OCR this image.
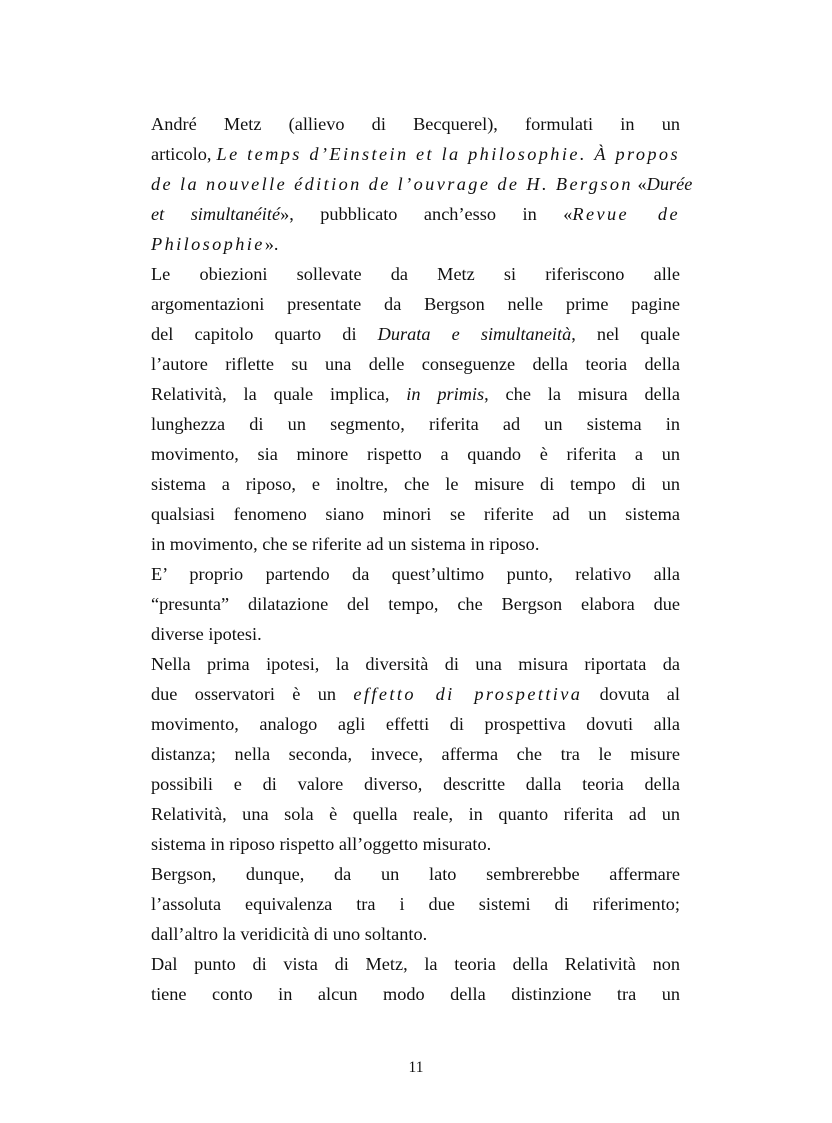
André Metz (allievo di Becquerel), formulati in un
articolo, Le temps d’Einstein et la philosophie. À propos
de la nouvelle édition de l’ouvrage de H. Bergson «Durée
et simultanéité», pubblicato anch’esso in «Revue de
Philosophie».
Le obiezioni sollevate da Metz si riferiscono alle
argomentazioni presentate da Bergson nelle prime pagine
del capitolo quarto di Durata e simultaneità, nel quale
l’autore riflette su una delle conseguenze della teoria della
Relatività, la quale implica, in primis, che la misura della
lunghezza di un segmento, riferita ad un sistema in
movimento, sia minore rispetto a quando è riferita a un
sistema a riposo, e inoltre, che le misure di tempo di un
qualsiasi fenomeno siano minori se riferite ad un sistema
in movimento, che se riferite ad un sistema in riposo.
E’ proprio partendo da quest’ultimo punto, relativo alla
“presunta” dilatazione del tempo, che Bergson elabora due
diverse ipotesi.
Nella prima ipotesi, la diversità di una misura riportata da
due osservatori è un effetto di prospettiva dovuta al
movimento, analogo agli effetti di prospettiva dovuti alla
distanza; nella seconda, invece, afferma che tra le misure
possibili e di valore diverso, descritte dalla teoria della
Relatività, una sola è quella reale, in quanto riferita ad un
sistema in riposo rispetto all’oggetto misurato.
Bergson, dunque, da un lato sembrerebbe affermare
l’assoluta equivalenza tra i due sistemi di riferimento;
dall’altro la veridicità di uno soltanto.
Dal punto di vista di Metz, la teoria della Relatività non
tiene conto in alcun modo della distinzione tra un
11
